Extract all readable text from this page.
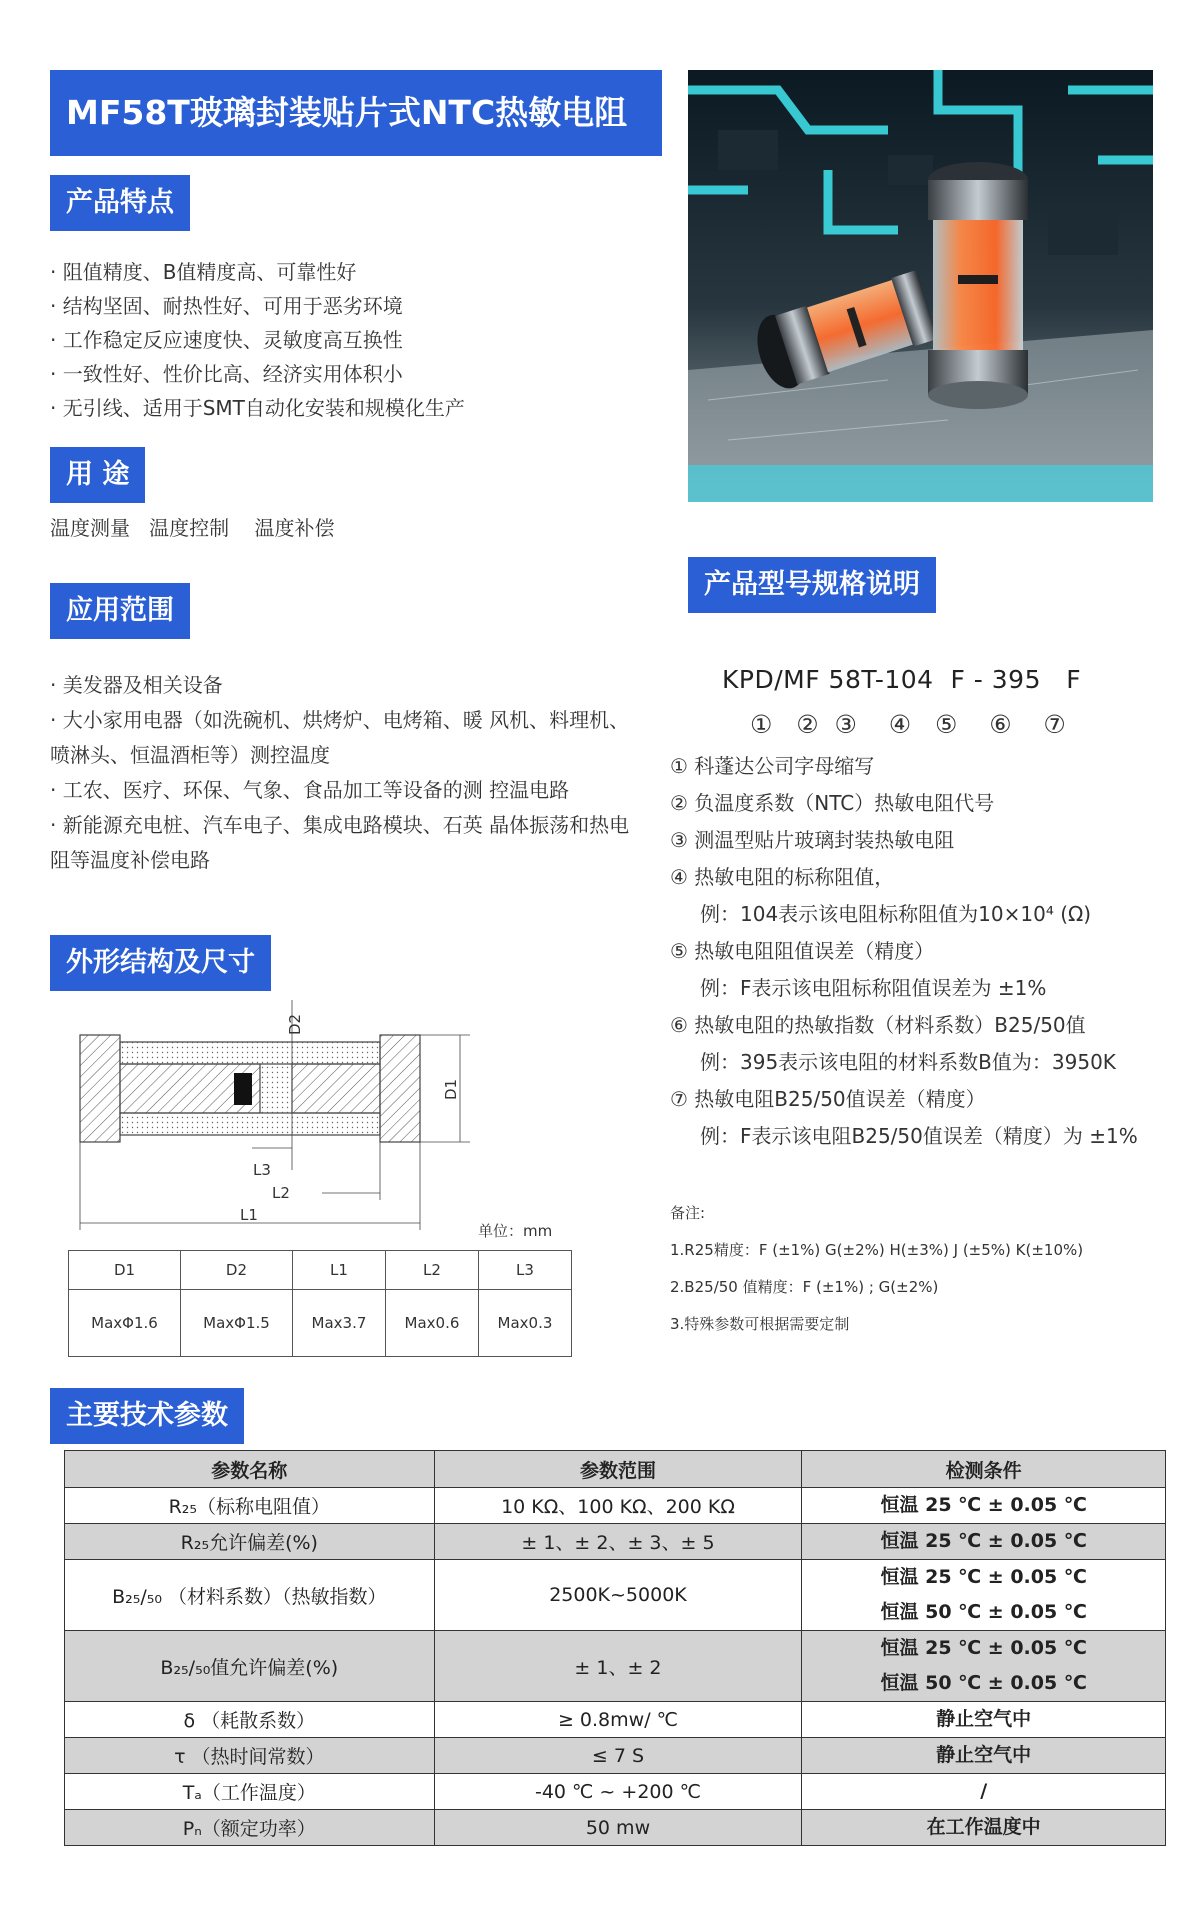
MF58T玻璃封装贴片式NTC热敏电阻
产品特点
· 阻值精度、B值精度高、可靠性好
· 结构坚固、耐热性好、可用于恶劣环境
· 工作稳定反应速度快、灵敏度高互换性
· 一致性好、性价比高、经济实用体积小
· 无引线、适用于SMT自动化安装和规模化生产
用 途
温度测量   温度控制    温度补偿
应用范围
· 美发器及相关设备
· 大小家用电器（如洗碗机、烘烤炉、电烤箱、暖 风机、料理机、喷淋头、恒温酒柜等）测控温度
· 工农、医疗、环保、气象、食品加工等设备的测 控温电路
· 新能源充电桩、汽车电子、集成电路模块、石英 晶体振荡和热电阻等温度补偿电路
外形结构及尺寸
D2
D1
L3
L2
L1
单位：mm
D1	D2	L1	L2	L3
MaxΦ1.6	MaxΦ1.5	Max3.7	Max0.6	Max0.3
产品型号规格说明
KPD/MF 58T-104  F - 395   F
①   ②  ③    ④   ⑤    ⑥    ⑦
① 科蓬达公司字母缩写
② 负温度系数（NTC）热敏电阻代号
③ 测温型贴片玻璃封装热敏电阻
④ 热敏电阻的标称阻值，
例：104表示该电阻标称阻值为10×10⁴ (Ω)
⑤ 热敏电阻阻值误差（精度）
例：F表示该电阻标称阻值误差为 ±1%
⑥ 热敏电阻的热敏指数（材料系数）B25/50值
例：395表示该电阻的材料系数B值为：3950K
⑦ 热敏电阻B25/50值误差（精度）
例：F表示该电阻B25/50值误差（精度）为 ±1%
备注:
1.R25精度：F (±1%) G(±2%) H(±3%) J (±5%) K(±10%)
2.B25/50 值精度：F (±1%) ; G(±2%)
3.特殊参数可根据需要定制
主要技术参数
参数名称	参数范围	检测条件
R₂₅（标称电阻值）	10 KΩ、100 KΩ、200 KΩ	恒温 25 ℃ ± 0.05 ℃

R₂₅允许偏差(%)	± 1、± 2、± 3、± 5	恒温 25 ℃ ± 0.05 ℃

B₂₅/₅₀ （材料系数）（热敏指数）	2500K~5000K	恒温 25 ℃ ± 0.05 ℃
恒温 50 ℃ ± 0.05 ℃

B₂₅/₅₀值允许偏差(%)	± 1、± 2	恒温 25 ℃ ± 0.05 ℃
恒温 50 ℃ ± 0.05 ℃

δ （耗散系数）	≥ 0.8mw/ ℃	静止空气中

τ （热时间常数）	≤ 7 S	静止空气中

Tₐ（工作温度）	-40 ℃ ~ +200 ℃	/

Pₙ（额定功率）	50 mw	在工作温度中
